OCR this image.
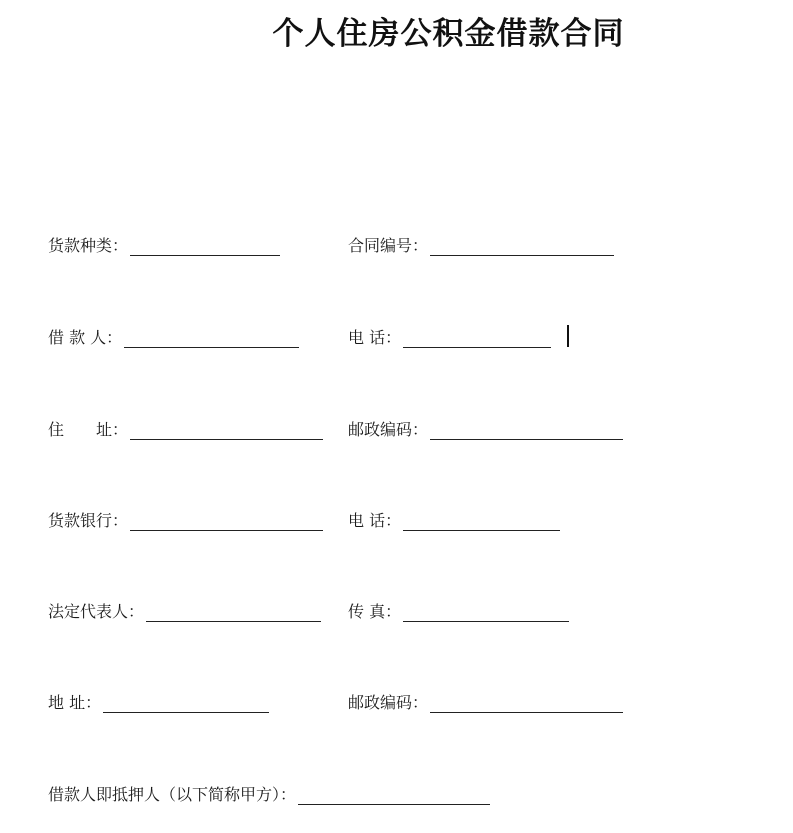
个人住房公积金借款合同
货款种类：	合同编号：
借 款 人：	电 话：
住　　址：	邮政编码：
货款银行：	电 话：
法定代表人：	传 真：
地 址：	邮政编码：
借款人即抵押人（以下简称甲方）：
